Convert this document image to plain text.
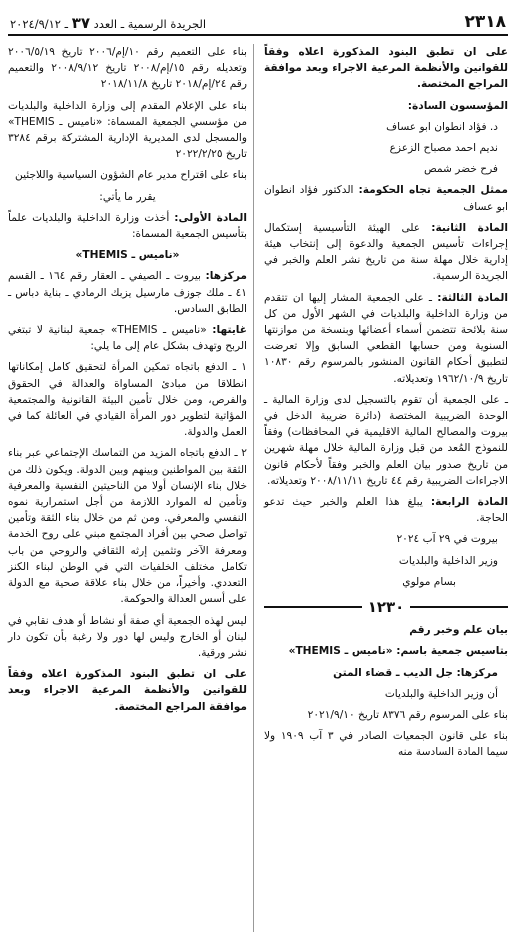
٢٣١٨
الجريدة الرسمية ـ العدد ٣٧ ـ ٢٠٢٤/٩/١٢

على ان تطبق البنود المذكورة اعلاه وفقاً للقوانين والأنظمة المرعية الاجراء وبعد موافقة المراجع المختصة.

المؤسسون السادة:

د. فؤاد انطوان ابو عساف

نديم احمد مصباح الزعزع

فرح خضر شمص

ممثل الجمعية تجاه الحكومة: الدكتور فؤاد انطوان ابو عساف

المادة الثانية: على الهيئة التأسيسية إستكمال إجراءات تأسيس الجمعية والدعوة إلى إنتخاب هيئة إدارية خلال مهلة سنة من تاريخ نشر العلم والخبر في الجريدة الرسمية.

المادة الثالثة: ـ على الجمعية المشار إليها ان تتقدم من وزارة الداخلية والبلديات في الشهر الأول من كل سنة بلائحة تتضمن أسماء أعضائها وبنسخة من موازنتها السنوية ومن حسابها القطعي السابق وإلا تعرضت لتطبيق أحكام القانون المنشور بالمرسوم رقم ١٠٨٣٠ تاريخ ١٩٦٢/١٠/٩ وتعديلاته.

ـ على الجمعية أن تقوم بالتسجيل لدى وزارة المالية ـ الوحدة الضريبية المختصة (دائرة ضريبة الدخل في بيروت والمصالح المالية الاقليمية في المحافظات) وفقاً للنموذج المُعد من قبل وزارة المالية خلال مهلة شهرين من تاريخ صدور بيان العلم والخبر وفقاً لأحكام قانون الاجراءات الضريبية رقم ٤٤ تاريخ ٢٠٠٨/١١/١١ وتعديلاته.

المادة الرابعة: يبلغ هذا العلم والخبر حيث تدعو الحاجة.

بيروت في ٢٩ آب ٢٠٢٤

وزير الداخلية والبلديات

بسام مولوي

١٢٣٠

بيان علم وخبر رقم

بتاسيس جمعية باسم: «ناميس ـ THEMIS»

مركزها: جل الديب ـ قضاء المتن

أن وزير الداخلية والبلديات

بناء على المرسوم رقم ٨٣٧٦ تاريخ ٢٠٢١/٩/١٠

بناء على قانون الجمعيات الصادر في ٣ آب ١٩٠٩ ولا سيما المادة السادسة منه

بناء على التعميم رقم ١٠/إم/٢٠٠٦ تاريخ ٢٠٠٦/٥/١٩ وتعديله رقم ١٥/إم/٢٠٠٨ تاريخ ٢٠٠٨/٩/١٢ والتعميم رقم ٢٤/إم/٢٠١٨ تاريخ ٢٠١٨/١١/٨

بناء على الإعلام المقدم إلى وزارة الداخلية والبلديات من مؤسسي الجمعية المسماة: «ناميس ـ THEMIS» والمسجل لدى المديرية الإدارية المشتركة برقم ٣٢٨٤ تاريخ ٢٠٢٢/٢/٢٥

بناء على اقتراح مدير عام الشؤون السياسية واللاجئين

يقرر ما يأتي:

المادة الأولى: أخذت وزارة الداخلية والبلديات علماً بتأسيس الجمعية المسماة:

«ناميس ـ THEMIS»

مركزها: بيروت ـ الصيفي ـ العقار رقم ١٦٤ ـ القسم ٤١ ـ ملك جوزف مارسيل يزبك الرمادي ـ بناية دباس ـ الطابق السادس.

غايتها: «ناميس ـ THEMIS» جمعية لبنانية لا تبتغي الربح وتهدف بشكل عام إلى ما يلي:

١ ـ الدفع باتجاه تمكين المرأة لتحقيق كامل إمكاناتها انطلاقا من مبادئ المساواة والعدالة في الحقوق والفرص، ومن خلال تأمين البيئة القانونية والمجتمعية المؤاتية لتطوير دور المرأة القيادي في العائلة كما في العمل والدولة.

٢ ـ الدفع باتجاه المزيد من التماسك الإجتماعي عبر بناء الثقة بين المواطنين وبينهم وبين الدولة. ويكون ذلك من خلال بناء الإنسان أولا من الناحيتين النفسية والمعرفية وتأمين له الموارد اللازمة من أجل استمرارية نموه النفسي والمعرفي. ومن ثم من خلال بناء الثقة وتأمين تواصل صحي بين أفراد المجتمع مبني على روح الخدمة ومعرفة الآخر وتثمين إرثه الثقافي والروحي من باب تكامل مختلف الخلفيات التي في الوطن لبناء الكنز التعددي. وأخيراً، من خلال بناء علاقة صحية مع الدولة على أسس العدالة والحوكمة.

ليس لهذه الجمعية أي صفة أو نشاط أو هدف نقابي في لبنان أو الخارج وليس لها دور ولا رغبة بأن تكون دار نشر ورقية.

على ان تطبق البنود المذكورة اعلاه وفقاً للقوانين والأنظمة المرعية الاجراء وبعد موافقة المراجع المختصة.
